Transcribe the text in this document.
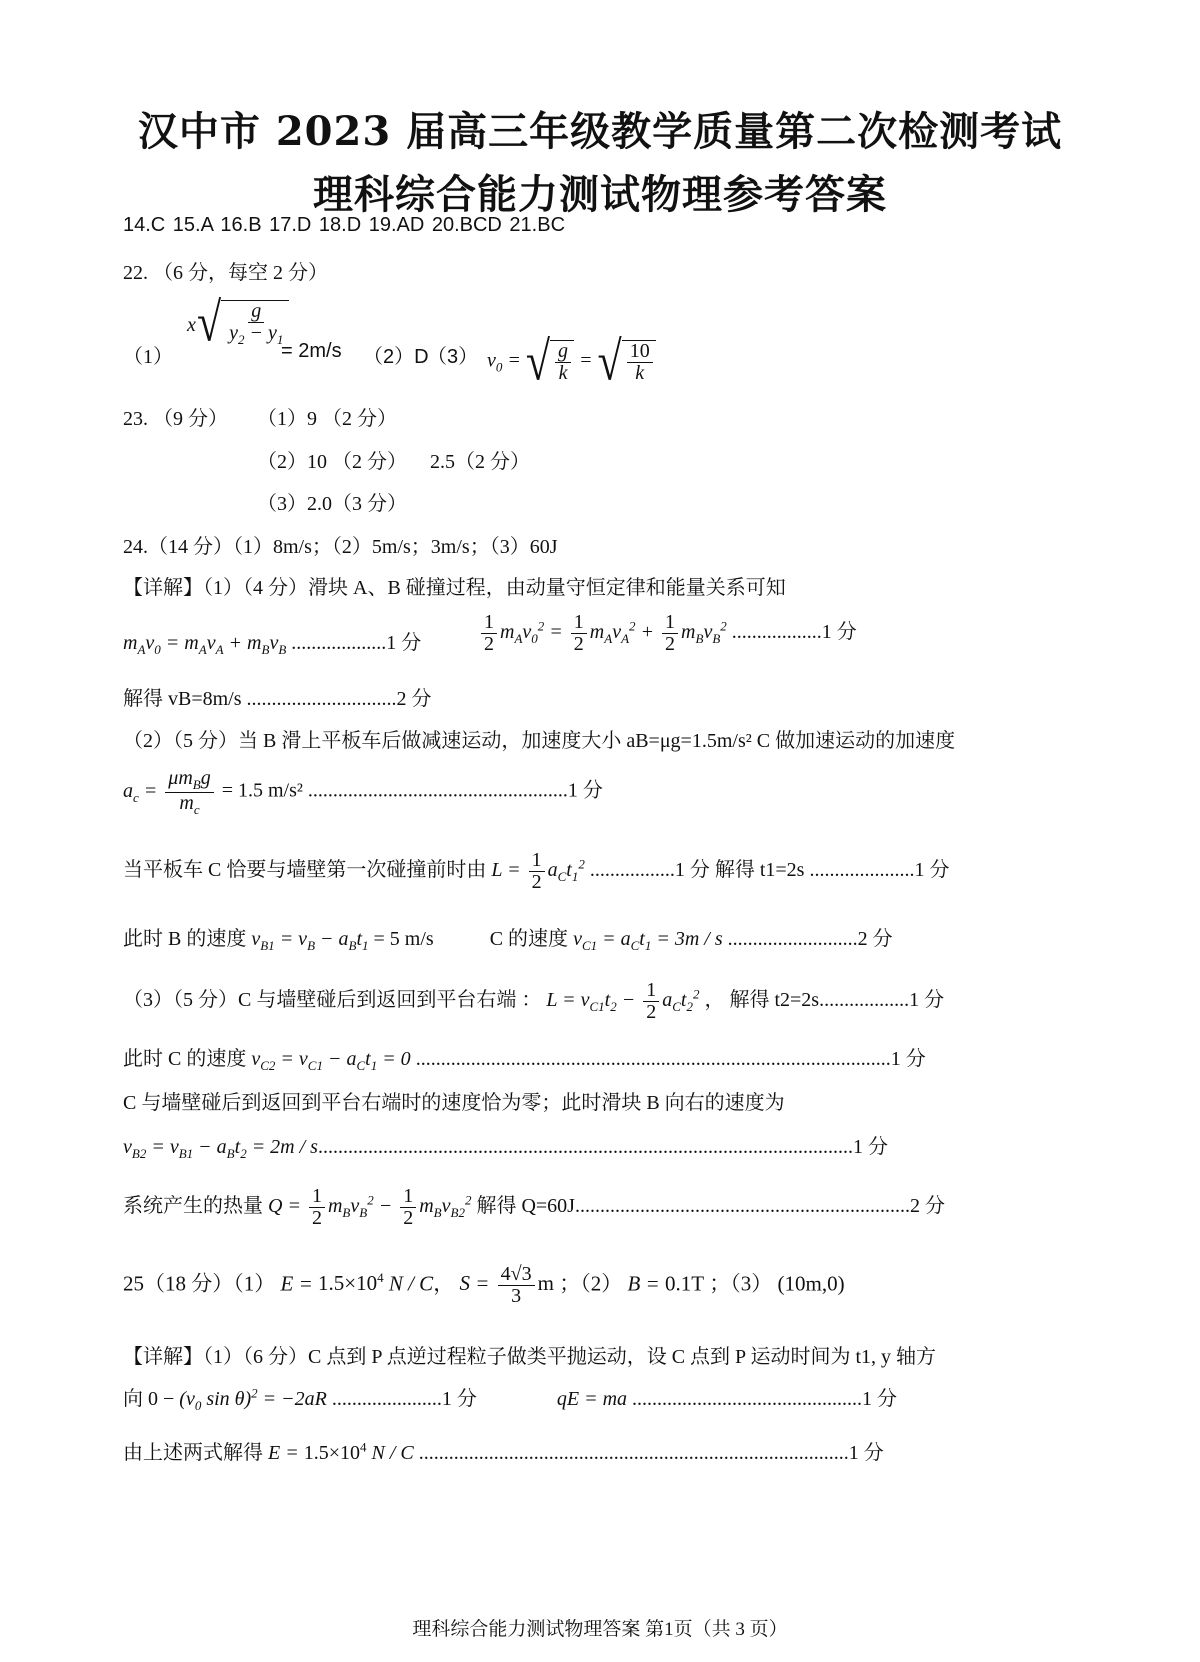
汉中市 2023 届高三年级教学质量第二次检测考试
理科综合能力测试物理参考答案
14.C 15.A 16.B 17.D 18.D 19.AD 20.BCD 21.BC
22. （6 分，每空 2 分）
（1）
x √ $\frac{g}{y_2 - y_1}$
= 2m/s （2）D
（3） $v_0$ = √ $\frac{g}{k}$ = √ $\frac{10}{k}$
23. （9 分） （1）9 （2 分）
（2）10 （2 分） 2.5（2 分）
（3）2.0（3 分）
24.（14 分）（1）8m/s；（2）5m/s；3m/s；（3）60J
【详解】（1）（4 分）滑块 A、B 碰撞过程，由动量守恒定律和能量关系可知
$m_Av_0 = m_Av_A + m_Bv_B$ ...................1 分	$\frac{1}{2} m_Av_0^2 = \frac{1}{2} m_Av_A^2 + \frac{1}{2} m_Bv_B^2$ ..................1 分
解得 vB=8m/s ..............................2 分
（2）（5 分）当 B 滑上平板车后做减速运动，加速度大小 aB=μg=1.5m/s² C 做加速运动的加速度
$a_c = \frac{\mu m_Bg}{m_c} = 1.5$ m/s² ....................................................1 分
当平板车 C 恰要与墙壁第一次碰撞前时由 $L = \frac{1}{2} a_Ct_1^2$ .................1 分 解得 t1=2s .....................1 分
此时 B 的速度 $v_{B1} = v_B - a_Bt_1 = 5$ m/s	C 的速度 $v_{C1} = a_Ct_1 = 3m / s$ ..........................2 分
（3）（5 分）C 与墙壁碰后到返回到平台右端 ： $L = v_{C1}t_2 - \frac{1}{2} a_Ct_2^2$ ， 解得 t2=2s..................1 分
此时 C 的速度 $v_{C2} = v_{C1} - a_Ct_1 = 0$ ...............................................................................................1 分
C 与墙壁碰后到返回到平台右端时的速度恰为零；此时滑块 B 向右的速度为
$v_{B2} = v_{B1} - a_Bt_2 = 2m / s...........................................................................................................1$ 分
系统产生的热量 $Q = \frac{1}{2} m_Bv_B^2 - \frac{1}{2} m_Bv_{B2}^2$ 解得 Q=60J...................................................................2 分
25（18 分）（1） $E = 1.5\times 10^4$ N / C， $S = \frac{4√3}{3}$ m ；（2） B = 0.1T ；（3） (10m,0)
【详解】（1）（6 分）C 点到 P 点逆过程粒子做类平抛运动，设 C 点到 P 运动时间为 t1, y 轴方
向 $0 - (v_0$ sin θ)$^2$ = −2aR ......................1 分	qE = ma ..............................................1 分
由上述两式解得 $E = 1.5\times 10^4$ N / C ......................................................................................1 分
理科综合能力测试物理答案 第1页（共 3 页）
